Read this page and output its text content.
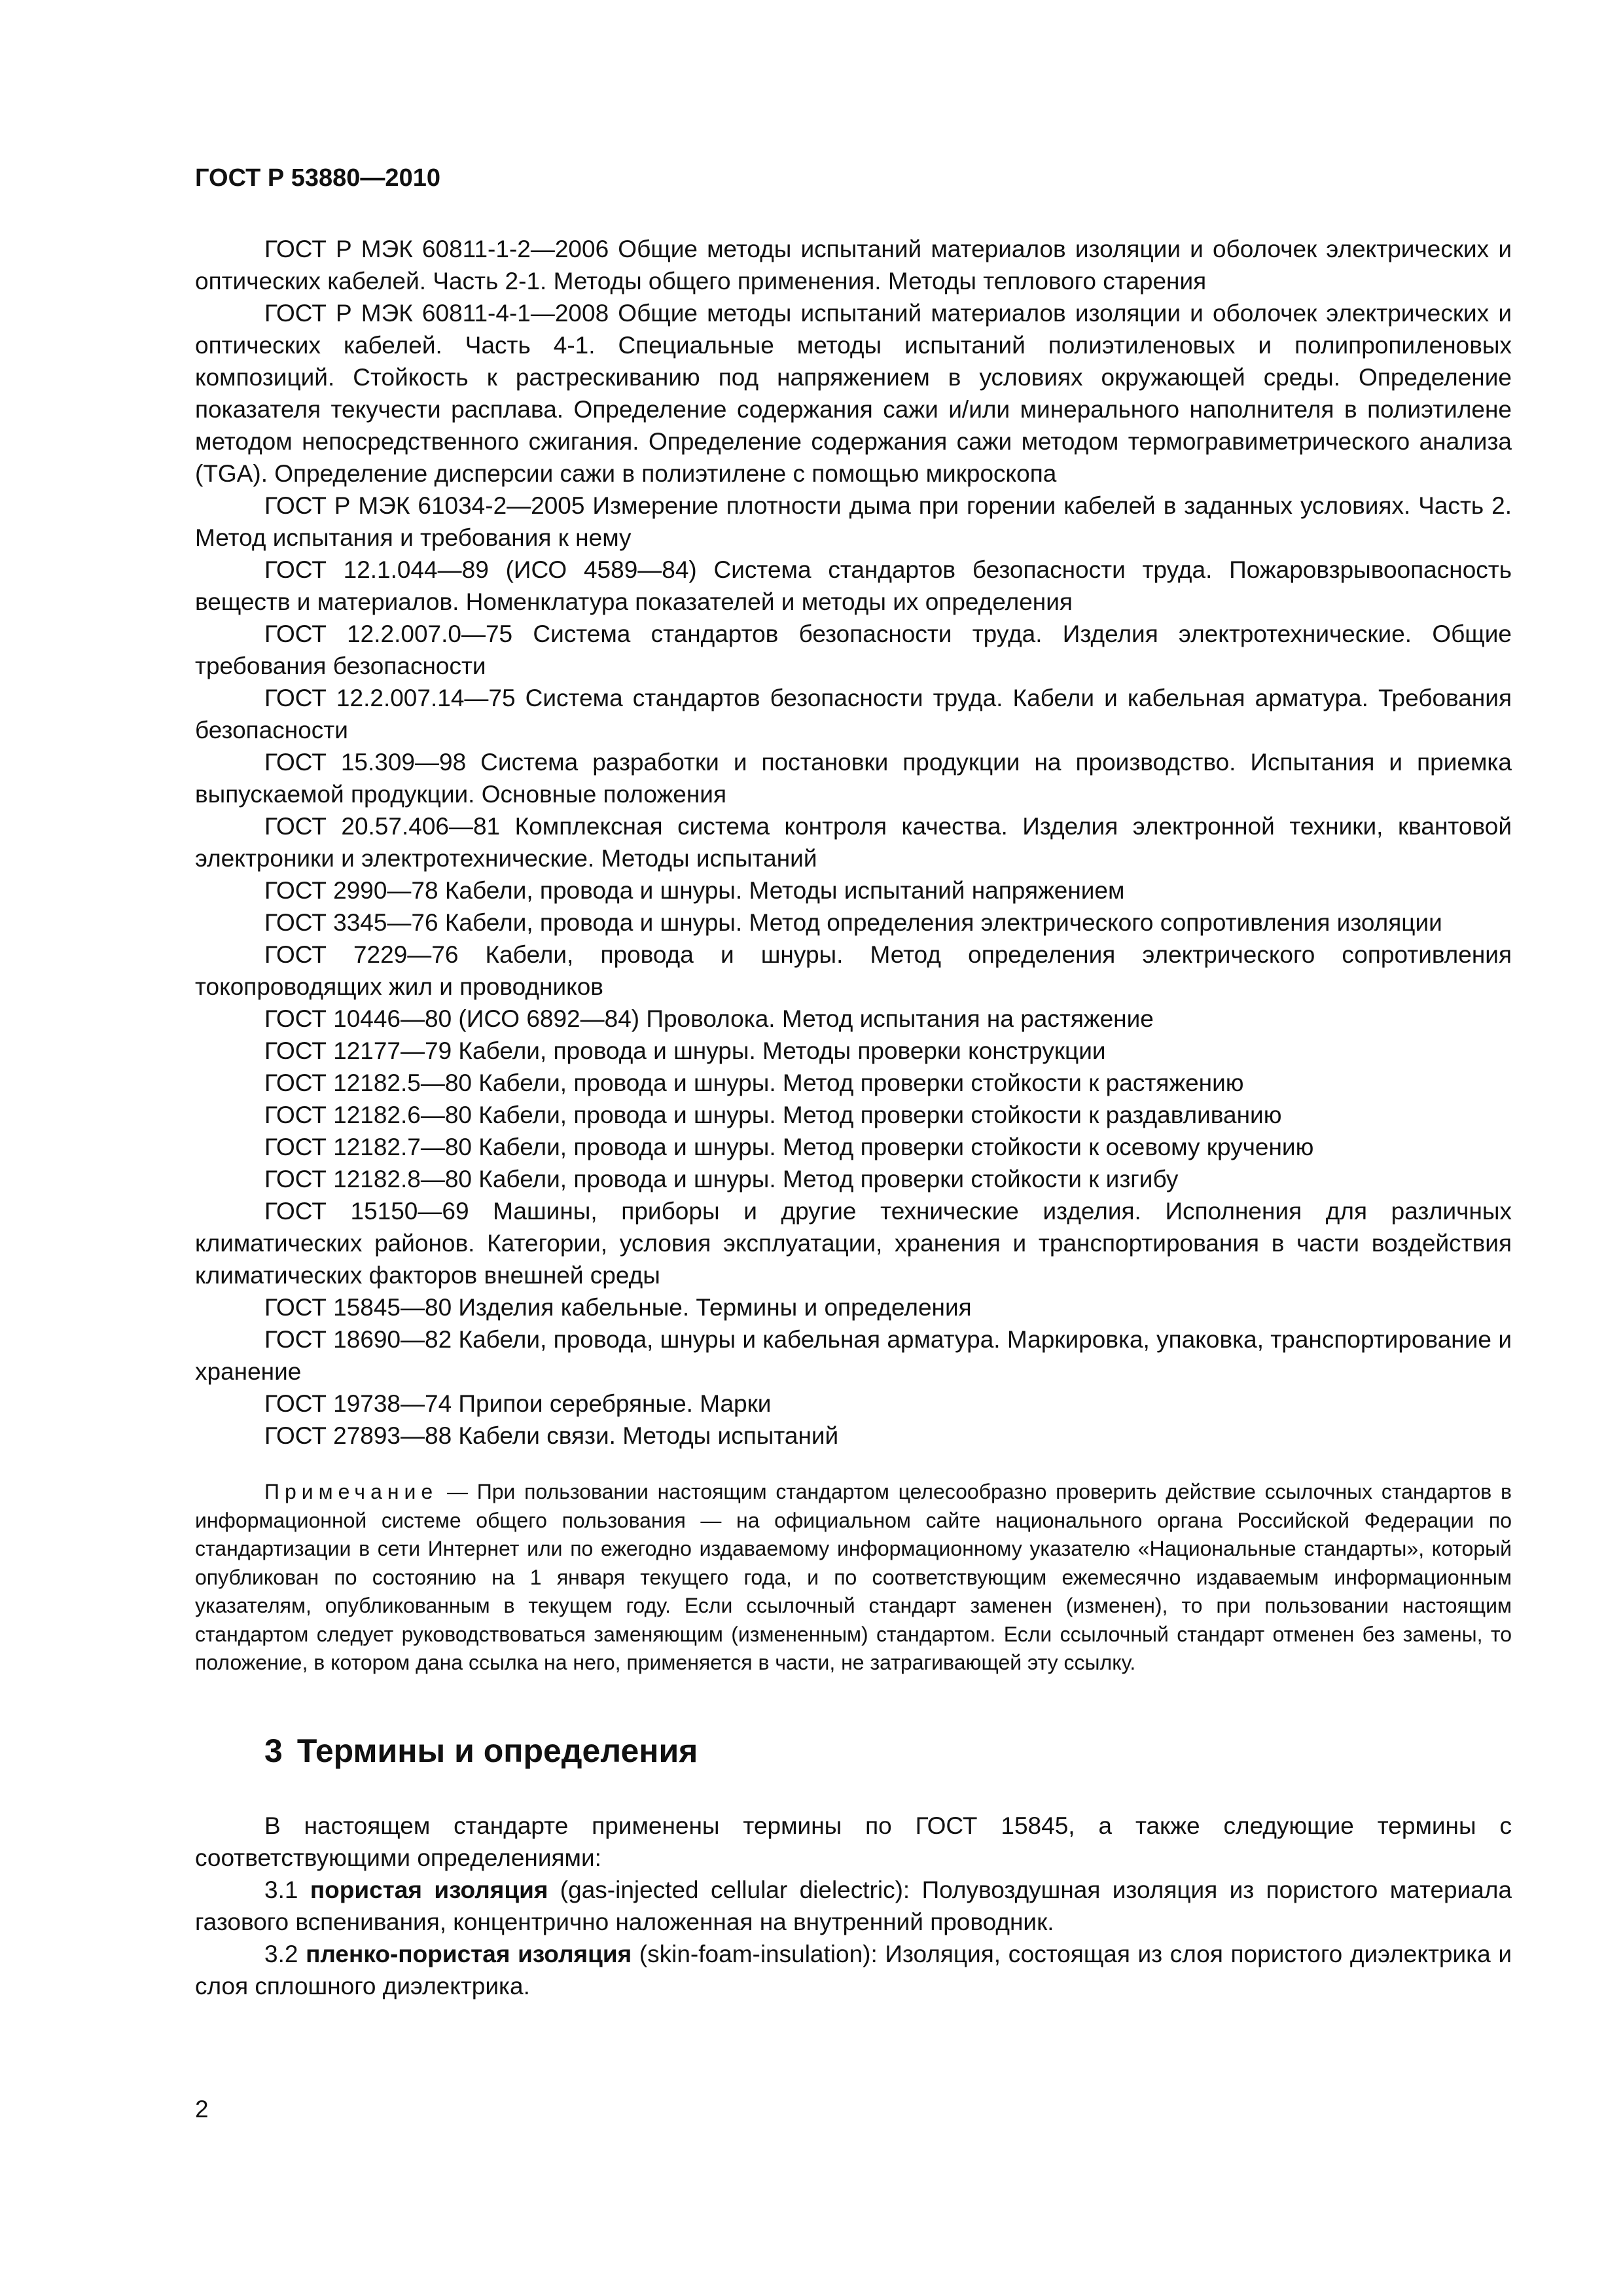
ГОСТ Р 53880—2010

ГОСТ Р МЭК 60811-1-2—2006 Общие методы испытаний материалов изоляции и оболочек электрических и оптических кабелей. Часть 2-1. Методы общего применения. Методы теплового старения

ГОСТ Р МЭК 60811-4-1—2008 Общие методы испытаний материалов изоляции и оболочек электрических и оптических кабелей. Часть 4-1. Специальные методы испытаний полиэтиленовых и полипропиленовых композиций. Стойкость к растрескиванию под напряжением в условиях окружающей среды. Определение показателя текучести расплава. Определение содержания сажи и/или минерального наполнителя в полиэтилене методом непосредственного сжигания. Определение содержания сажи методом термогравиметрического анализа (TGA). Определение дисперсии сажи в полиэтилене с помощью микроскопа

ГОСТ Р МЭК 61034-2—2005 Измерение плотности дыма при горении кабелей в заданных условиях. Часть 2. Метод испытания и требования к нему

ГОСТ 12.1.044—89 (ИСО 4589—84) Система стандартов безопасности труда. Пожаровзрывоопасность веществ и материалов. Номенклатура показателей и методы их определения

ГОСТ 12.2.007.0—75 Система стандартов безопасности труда. Изделия электротехнические. Общие требования безопасности

ГОСТ 12.2.007.14—75 Система стандартов безопасности труда. Кабели и кабельная арматура. Требования безопасности

ГОСТ 15.309—98 Система разработки и постановки продукции на производство. Испытания и приемка выпускаемой продукции. Основные положения

ГОСТ 20.57.406—81 Комплексная система контроля качества. Изделия электронной техники, квантовой электроники и электротехнические. Методы испытаний

ГОСТ 2990—78 Кабели, провода и шнуры. Методы испытаний напряжением

ГОСТ 3345—76 Кабели, провода и шнуры. Метод определения электрического сопротивления изоляции

ГОСТ 7229—76 Кабели, провода и шнуры. Метод определения электрического сопротивления токопроводящих жил и проводников

ГОСТ 10446—80 (ИСО 6892—84) Проволока. Метод испытания на растяжение

ГОСТ 12177—79 Кабели, провода и шнуры. Методы проверки конструкции

ГОСТ 12182.5—80 Кабели, провода и шнуры. Метод проверки стойкости к растяжению

ГОСТ 12182.6—80 Кабели, провода и шнуры. Метод проверки стойкости к раздавливанию

ГОСТ 12182.7—80 Кабели, провода и шнуры. Метод проверки стойкости к осевому кручению

ГОСТ 12182.8—80 Кабели, провода и шнуры. Метод проверки стойкости к изгибу

ГОСТ 15150—69 Машины, приборы и другие технические изделия. Исполнения для различных климатических районов. Категории, условия эксплуатации, хранения и транспортирования в части воздействия климатических факторов внешней среды

ГОСТ 15845—80 Изделия кабельные. Термины и определения

ГОСТ 18690—82 Кабели, провода, шнуры и кабельная арматура. Маркировка, упаковка, транспортирование и хранение

ГОСТ 19738—74 Припои серебряные. Марки

ГОСТ 27893—88 Кабели связи. Методы испытаний

Примечание — При пользовании настоящим стандартом целесообразно проверить действие ссылочных стандартов в информационной системе общего пользования — на официальном сайте национального органа Российской Федерации по стандартизации в сети Интернет или по ежегодно издаваемому информационному указателю «Национальные стандарты», который опубликован по состоянию на 1 января текущего года, и по соответствующим ежемесячно издаваемым информационным указателям, опубликованным в текущем году. Если ссылочный стандарт заменен (изменен), то при пользовании настоящим стандартом следует руководствоваться заменяющим (измененным) стандартом. Если ссылочный стандарт отменен без замены, то положение, в котором дана ссылка на него, применяется в части, не затрагивающей эту ссылку.

3 Термины и определения

В настоящем стандарте применены термины по ГОСТ 15845, а также следующие термины с соответствующими определениями:

3.1 пористая изоляция (gas-injected cellular dielectric): Полувоздушная изоляция из пористого материала газового вспенивания, концентрично наложенная на внутренний проводник.

3.2 пленко-пористая изоляция (skin-foam-insulation): Изоляция, состоящая из слоя пористого диэлектрика и слоя сплошного диэлектрика.

2
